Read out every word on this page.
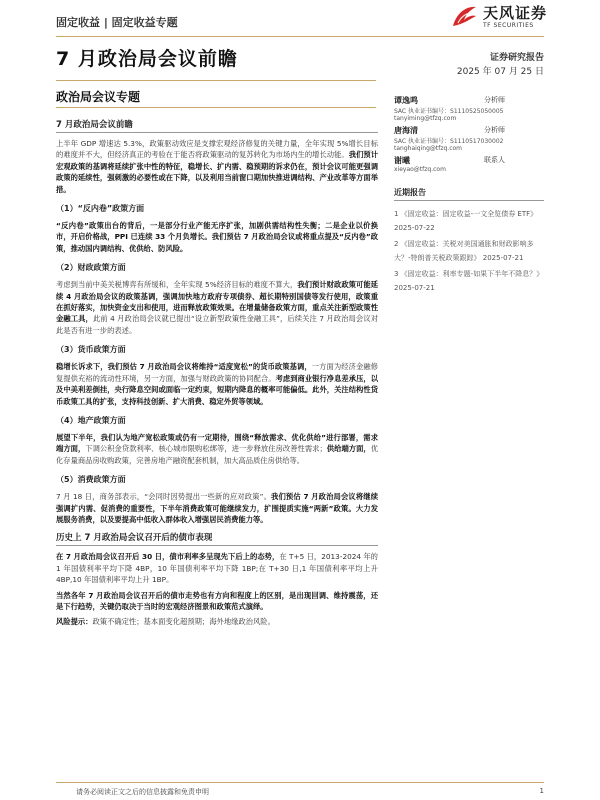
固定收益 | 固定收益专题
天风证券
TF SECURITIES
7 月政治局会议前瞻	证券研究报告
2025 年 07 月 25 日
政治局会议专题
7 月政治局会议前瞻

上半年 GDP 增速达 5.3%，政策驱动效应是支撑宏观经济修复的关键力量，全年实现 5%增长目标的难度并不大，但经济真正的考验在于能否将政策驱动的复苏转化为市场内生的增长动能。我们预计宏观政策的基调将延续扩张中性的特征，稳增长、扩内需、稳预期的诉求仍在，预计会议可能更强调政策的延续性，强刺激的必要性或在下降，以及利用当前窗口期加快推进调结构、产业改革等方面举措。

（1）“反内卷”政策方面

“反内卷”政策出台的背后，一是部分行业产能无序扩张，加剧供需结构性失衡；二是企业以价换市，开启价格战，PPI 已连续 33 个月负增长。我们预估 7 月政治局会议或将重点提及“反内卷”政策，推动国内调结构、优供给、防风险。

（2）财政政策方面

考虑到当前中美关税博弈有所缓和，全年实现 5%经济目标的难度不算大，我们预计财政政策可能延续 4 月政治局会议的政策基调，强调加快地方政府专项债券、超长期特别国债等发行使用，政策重在抓好落实，加快资金支出和使用，进而释放政策效果。在增量储备政策方面，重点关注新型政策性金融工具，此前 4 月政治局会议就已提出“设立新型政策性金融工具”，后续关注 7 月政治局会议对此是否有进一步的表述。

（3）货币政策方面

稳增长诉求下，我们预估 7 月政治局会议将维持“适度宽松”的货币政策基调，一方面为经济金融修复提供充裕的流动性环境，另一方面，加强与财政政策的协同配合。考虑到商业银行净息差承压，以及中美利差倒挂，央行降息空间或面临一定约束，短期内降息的概率可能偏低。此外，关注结构性货币政策工具的扩张，支持科技创新、扩大消费、稳定外贸等领域。

（4）地产政策方面

展望下半年，我们认为地产宽松政策或仍有一定期待，围绕“释放需求、优化供给”进行部署，需求端方面，下调公积金贷款利率、核心城市限购松绑等，进一步释放住房改善性需求；供给端方面，优化存量商品房收购政策，完善房地产融资配套机制，加大高品质住房供给等。

（5）消费政策方面

7 月 18 日，商务部表示，“会同时因势提出一些新的应对政策”。我们预估 7 月政治局会议将继续强调扩内需、促消费的重要性，下半年消费政策可能继续发力，扩围提质实施“两新”政策。大力发展服务消费，以及要提高中低收入群体收入增强居民消费能力等。

历史上 7 月政治局会议召开后的债市表现

在 7 月政治局会议召开后 30 日，债市利率多呈现先下后上的态势，在 T+5 日，2013-2024 年的 1 年国债利率平均下降 4BP，10 年国债利率平均下降 1BP;在 T+30 日,1 年国债利率平均上升 4BP,10 年国债利率平均上升 1BP。

当然各年 7 月政治局会议召开后的债市走势也有方向和程度上的区别，是出现回调、维持震荡，还是下行趋势，关键仍取决于当时的宏观经济图景和政策范式演绎。

风险提示：政策不确定性；基本面变化超预期；海外地缘政治风险。

谭逸鸣	分析师
SAC 执业证书编号：S1110525050005
tanyiming@tfzq.com
唐海清	分析师
SAC 执业证书编号：S1110517030002
tanghaiqing@tfzq.com
谢曦	联系人
xieyao@tfzq.com
近期报告
1 《固定收益：固定收益-一文全览债券 ETF》 2025-07-22
2 《固定收益：关税对美国通胀和财政影响多大？-特朗普关税政策跟踪》 2025-07-21
3 《固定收益：利率专题-如果下半年不降息？》 2025-07-21
请务必阅读正文之后的信息披露和免责申明	1
